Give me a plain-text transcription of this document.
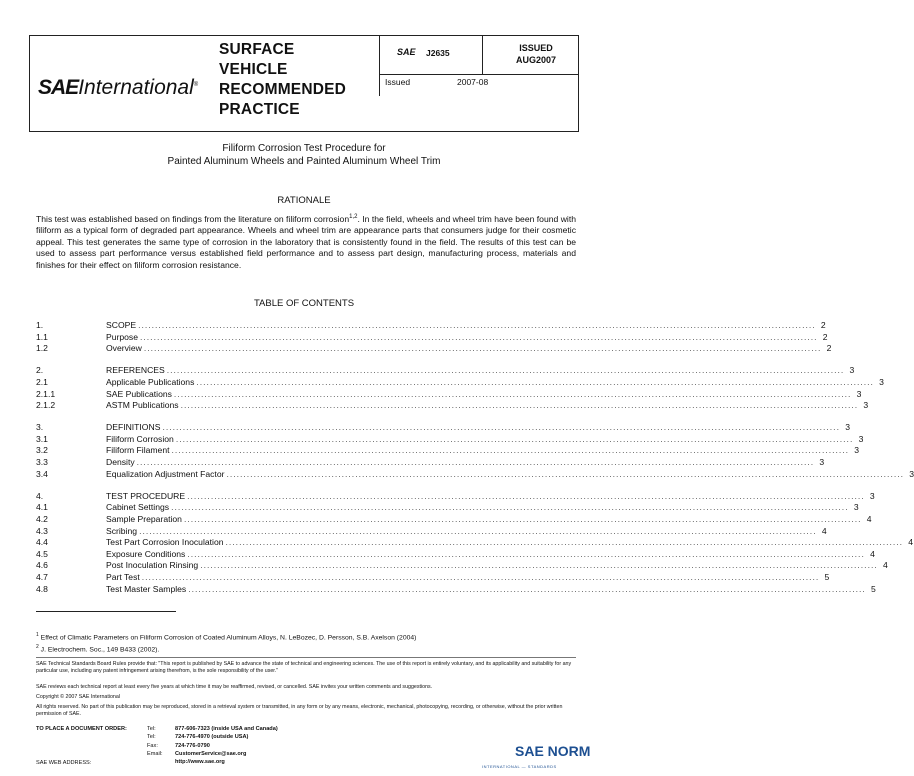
SAEInternational®
SURFACE
VEHICLE
RECOMMENDED
PRACTICE
SAE J2635	ISSUED
AUG2007
Issued	2007-08
Filiform Corrosion Test Procedure for
Painted Aluminum Wheels and Painted Aluminum Wheel Trim
RATIONALE
This test was established based on findings from the literature on filiform corrosion$^{1,2}$. In the field, wheels and wheel trim have been found with filiform as a typical form of degraded part appearance. Wheels and wheel trim are appearance parts that consumers judge for their cosmetic appeal. This test generates the same type of corrosion in the laboratory that is consistently found in the field. The results of this test can be used to assess part performance versus established field performance and to assess part design, manufacturing process, materials and finishes for their effect on filiform corrosion resistance.
TABLE OF CONTENTS
1.	SCOPE ........................................................................................................................................................................................................ 2
1.1	Purpose ........................................................................................................................................................................................................ 2
1.2	Overview ........................................................................................................................................................................................................ 2
2.	REFERENCES ........................................................................................................................................................................................................ 3
2.1	Applicable Publications ........................................................................................................................................................................................................ 3
2.1.1	SAE Publications ........................................................................................................................................................................................................ 3
2.1.2	ASTM Publications ........................................................................................................................................................................................................ 3
3.	DEFINITIONS ........................................................................................................................................................................................................ 3
3.1	Filiform Corrosion ........................................................................................................................................................................................................ 3
3.2	Filiform Filament ........................................................................................................................................................................................................ 3
3.3	Density ........................................................................................................................................................................................................ 3
3.4	Equalization Adjustment Factor ........................................................................................................................................................................................................ 3
4.	TEST PROCEDURE ........................................................................................................................................................................................................ 3
4.1	Cabinet Settings ........................................................................................................................................................................................................ 3
4.2	Sample Preparation ........................................................................................................................................................................................................ 4
4.3	Scribing ........................................................................................................................................................................................................ 4
4.4	Test Part Corrosion Inoculation ........................................................................................................................................................................................................ 4
4.5	Exposure Conditions ........................................................................................................................................................................................................ 4
4.6	Post Inoculation Rinsing ........................................................................................................................................................................................................ 4
4.7	Part Test ........................................................................................................................................................................................................ 5
4.8	Test Master Samples ........................................................................................................................................................................................................ 5
$^1$ Effect of Climatic Parameters on Filiform Corrosion of Coated Aluminum Alloys, N. LeBozec, D. Persson, S.B. Axelson (2004)
$^2$ J. Electrochem. Soc., 149 B433 (2002).
SAE Technical Standards Board Rules provide that: "This report is published by SAE to advance the state of technical and engineering sciences. The use of this report is entirely voluntary, and its applicability and suitability for any particular use, including any patent infringement arising therefrom, is the sole responsibility of the user."
SAE reviews each technical report at least every five years at which time it may be reaffirmed, revised, or cancelled. SAE invites your written comments and suggestions.
Copyright © 2007 SAE International
All rights reserved. No part of this publication may be reproduced, stored in a retrieval system or transmitted, in any form or by any means, electronic, mechanical, photocopying, recording, or otherwise, without the prior written permission of SAE.
TO PLACE A DOCUMENT ORDER:
SAE WEB ADDRESS:
Tel:	877-606-7323 (inside USA and Canada)
Tel:	724-776-4970 (outside USA)
Fax:	724-776-0790
Email: CustomerService@sae.org
http://www.sae.org
SAE NORM
INTERNATIONAL — STANDARDS
